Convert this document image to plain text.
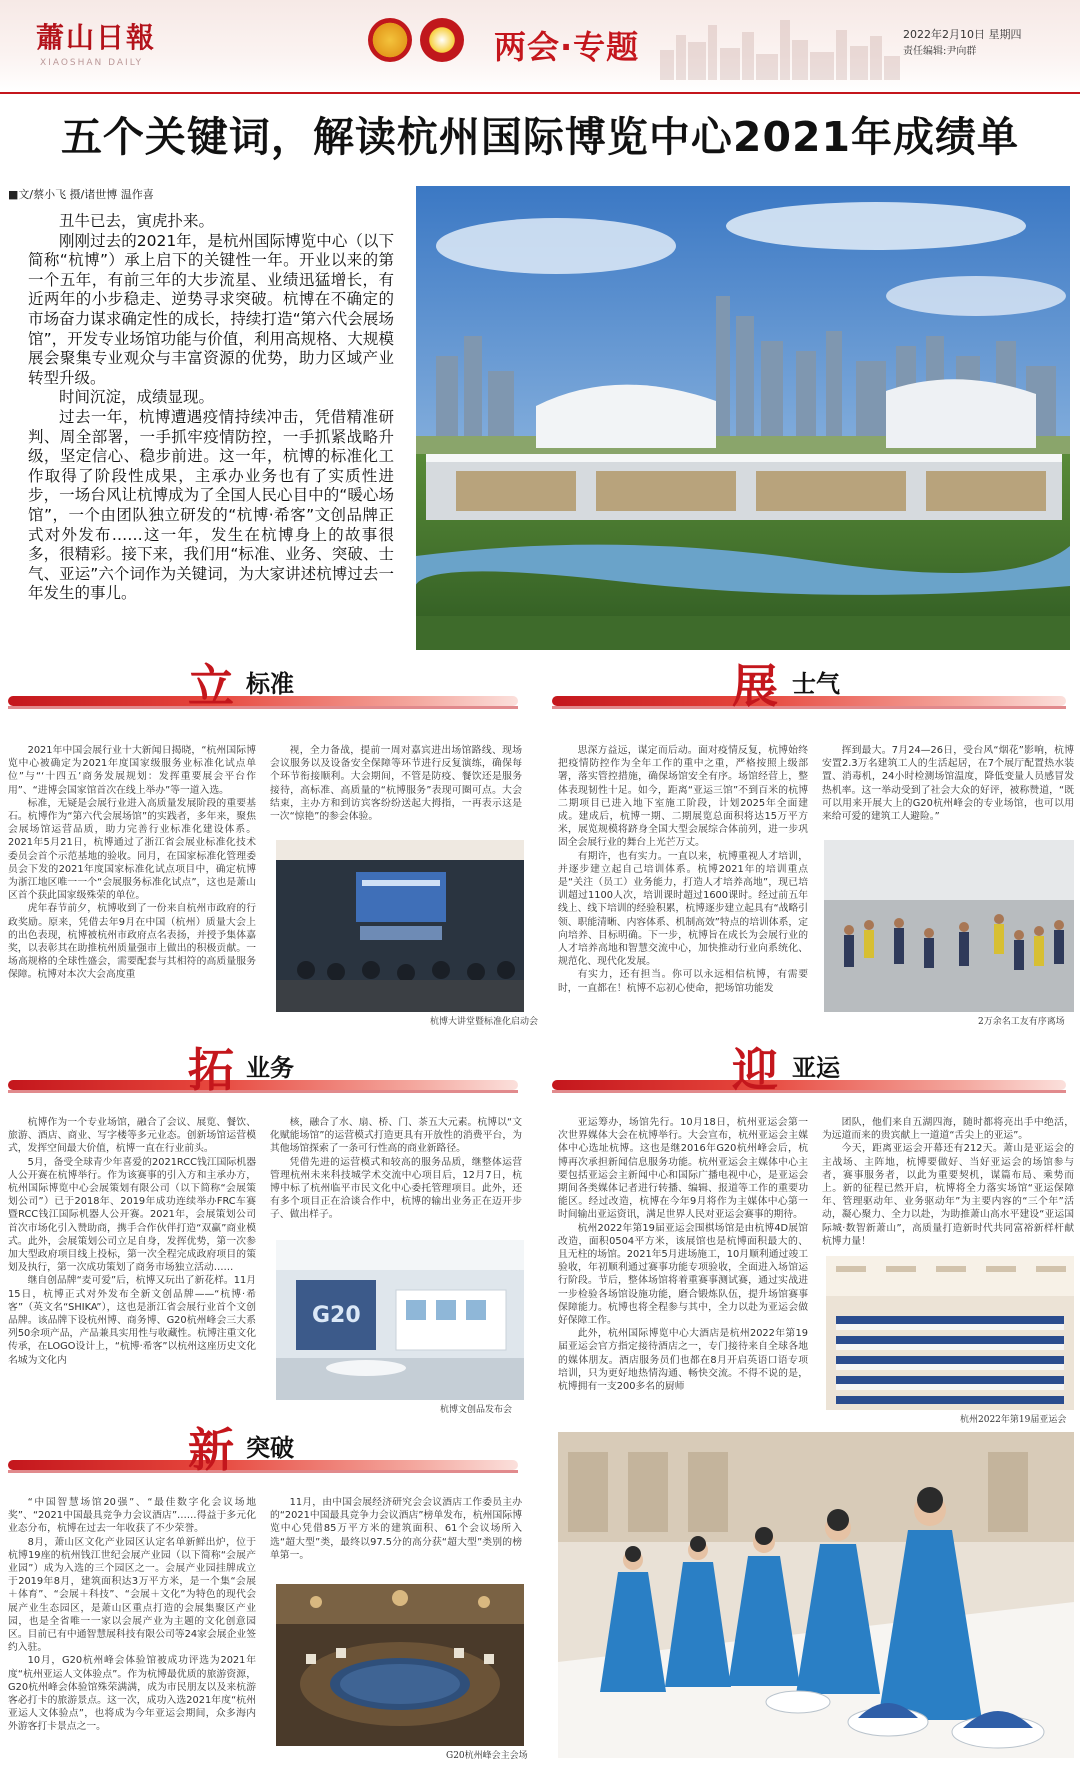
蕭山日報
XIAOSHAN DAILY	两会·专题	2022年2月10日 星期四
责任编辑:尹向群
五个关键词，解读杭州国际博览中心2021年成绩单
■文/蔡小飞 摄/诸世博 温作喜

丑牛已去，寅虎扑来。

刚刚过去的2021年，是杭州国际博览中心（以下简称“杭博”）承上启下的关键性一年。开业以来的第一个五年，有前三年的大步流星、业绩迅猛增长，有近两年的小步稳走、逆势寻求突破。杭博在不确定的市场奋力谋求确定性的成长，持续打造“第六代会展场馆”，开发专业场馆功能与价值，利用高规格、大规模展会聚集专业观众与丰富资源的优势，助力区域产业转型升级。

时间沉淀，成绩显现。

过去一年，杭博遭遇疫情持续冲击，凭借精准研判、周全部署，一手抓牢疫情防控，一手抓紧战略升级，坚定信心、稳步前进。这一年，杭博的标准化工作取得了阶段性成果，主承办业务也有了实质性进步，一场台风让杭博成为了全国人民心目中的“暖心场馆”，一个由团队独立研发的“杭博·希客”文创品牌正式对外发布……这一年，发生在杭博身上的故事很多，很精彩。接下来，我们用“标准、业务、突破、士气、亚运”六个词作为关键词，为大家讲述杭博过去一年发生的事儿。

立 标准

2021年中国会展行业十大新闻日揭晓，“杭州国际博览中心被确定为2021年度国家级服务业标准化试点单位”与“‘十四五’商务发展规划：发挥重要展会平台作用”、“进博会国家馆首次在线上举办”等一道入选。

标准，无疑是会展行业进入高质量发展阶段的重要基石。杭博作为“第六代会展场馆”的实践者，多年来，聚焦会展场馆运营品质，助力完善行业标准化建设体系。2021年5月21日，杭博通过了浙江省会展业标准化技术委员会首个示范基地的验收。同月，在国家标准化管理委员会下发的2021年度国家标准化试点项目中，确定杭博为浙江地区唯一一个“会展服务标准化试点”，这也是萧山区首个获此国家级殊荣的单位。

虎年春节前夕，杭博收到了一份来自杭州市政府的行政奖励。原来，凭借去年9月在中国（杭州）质量大会上的出色表现，杭博被杭州市政府点名表扬，并授予集体嘉奖，以表彰其在助推杭州质量强市上做出的积极贡献。一场高规格的全球性盛会，需要配套与其相符的高质量服务保障。杭博对本次大会高度重

视，全力备战，提前一周对嘉宾进出场馆路线、现场会议服务以及设备安全保障等环节进行反复演练，确保每个环节衔接顺利。大会期间，不管是防疫、餐饮还是服务接待，高标准、高质量的“杭博服务”表现可圈可点。大会结束，主办方和到访宾客纷纷送起大拇指，一再表示这是一次“惊艳”的参会体验。

杭博大讲堂暨标准化启动会
展 士气

思深方益远，谋定而后动。面对疫情反复，杭博始终把疫情防控作为全年工作的重中之重，严格按照上级部署，落实管控措施，确保场馆安全有序。场馆经营上，整体表现韧性十足。如今，距离“亚运三馆”不到百米的杭博二期项目已进入地下室施工阶段，计划2025年全面建成。建成后，杭博一期、二期展览总面积将达15万平方米，展览规模将跻身全国大型会展综合体前列，进一步巩固全会展行业的舞台上光芒万丈。

有期许，也有实力。一直以来，杭博重视人才培训，并逐步建立起自己培训体系。杭博2021年的培训重点是“关注（员工）业务能力，打造人才培养高地”，现已培训超过1100人次，培训课时超过1600课时。经过前五年线上、线下培训的经验积累，杭博逐步建立起具有“战略引领、职能清晰、内容体系、机制高效”特点的培训体系，定向培养、目标明确。下一步，杭博旨在成长为会展行业的人才培养高地和智慧交流中心，加快推动行业向系统化、规范化、现代化发展。

有实力，还有担当。你可以永远相信杭博，有需要时，一直都在！杭博不忘初心使命，把场馆功能发

挥到最大。7月24—26日，受台风“烟花”影响，杭博安置2.3万名建筑工人的生活起居，在7个展厅配置热水装置、消毒机，24小时检测场馆温度，降低变量人员感冒发热机率。这一举动受到了社会大众的好评，被称赞道，“既可以用来开展大上的G20杭州峰会的专业场馆，也可以用来给可爱的建筑工人避险。”

2万余名工友有序离场
拓 业务

杭博作为一个专业场馆，融合了会议、展览、餐饮、旅游、酒店、商业、写字楼等多元业态。创新场馆运营模式，发挥空间最大价值，杭博一直在行业前头。

5月，备受全球青少年喜爱的2021RCC钱江国际机器人公开赛在杭博举行。作为该赛事的引入方和主承办方，杭州国际博览中心会展策划有限公司（以下简称“会展策划公司”）已于2018年、2019年成功连续举办FRC车赛暨RCC钱江国际机器人公开赛。2021年，会展策划公司首次市场化引入赞助商，携手合作伙伴打造“双赢”商业模式。此外，会展策划公司立足自身，发挥优势，第一次参加大型政府项目线上投标，第一次全程完成政府项目的策划及执行，第一次成功策划了商务市场独立活动……

继自创品牌“麦可爱”后，杭博又玩出了新花样。11月15日，杭博正式对外发布全新文创品牌——“杭博·希客”（英文名“SHIKA”），这也是浙江省会展行业首个文创品牌。该品牌下设杭州博、商务博、G20杭州峰会三大系列50余项产品，产品兼具实用性与收藏性。杭博注重文化传承，在LOGO设计上，“杭博·希客”以杭州这座历史文化名城为文化内

核，融合了水、扇、桥、门、茶五大元素。杭博以“文化赋能场馆”的运营模式打造更具有开放性的消费平台，为其他场馆探索了一条可行性高的商业新路径。

凭借先进的运营模式和较高的服务品质，继整体运营管理杭州未来科技城学术交流中心项目后，12月7日，杭博中标了杭州临平市民文化中心委托管理项目。此外，还有多个项目正在洽谈合作中，杭博的输出业务正在迈开步子、做出样子。

G20
杭博文创品发布会
迎 亚运

亚运筹办，场馆先行。10月18日，杭州亚运会第一次世界媒体大会在杭博举行。大会宣布，杭州亚运会主媒体中心选址杭博。这也是继2016年G20杭州峰会后，杭博再次承担新闻信息服务功能。杭州亚运会主媒体中心主要包括亚运会主新闻中心和国际广播电视中心，是亚运会期间各类媒体记者进行转播、编辑、报道等工作的重要功能区。经过改造，杭博在今年9月将作为主媒体中心第一时间输出亚运资讯，满足世界人民对亚运会赛事的期待。

杭州2022年第19届亚运会围棋场馆是由杭博4D展馆改造，面积0504平方米，该展馆也是杭博面积最大的、且无柱的场馆。2021年5月进场施工，10月顺利通过竣工验收，年初顺利通过赛事功能专项验收，全面进入场馆运行阶段。节后，整体场馆将着重赛事测试赛，通过实战进一步检验各场馆设施功能，磨合锻炼队伍，提升场馆赛事保障能力。杭博也将全程参与其中，全力以赴为亚运会做好保障工作。

此外，杭州国际博览中心大酒店是杭州2022年第19届亚运会官方指定接待酒店之一，专门接待来自全球各地的媒体朋友。酒店服务员们也都在8月开启英语口语专项培训，只为更好地热情沟通、畅快交流。不得不说的是，杭博拥有一支200多名的厨师

团队，他们来自五湖四海，随时都将亮出手中绝活，为远道而来的贵宾献上一道道“舌尖上的亚运”。

今天，距离亚运会开幕还有212天。萧山是亚运会的主战场、主阵地，杭博要做好、当好亚运会的场馆参与者，赛事服务者，以此为重要契机，谋篇布局、乘势而上。新的征程已然开启，杭博将全力落实场馆“亚运保障年、管理驱动年、业务驱动年”为主要内容的“三个年”活动，凝心聚力、全力以赴，为助推萧山高水平建设“亚运国际城·数智新萧山”，高质量打造新时代共同富裕新样杆献杭博力量！

杭州2022年第19届亚运会
新 突破

“中国智慧场馆20强”、“最佳数字化会议场地奖”、“2021中国最具竞争力会议酒店”……得益于多元化业态分布，杭博在过去一年收获了不少荣誉。

8月，萧山区文化产业园区认定名单新鲜出炉，位于杭博19座的杭州钱江世纪会展产业园（以下简称“会展产业园”）成为入选的三个园区之一。会展产业园挂牌成立于2019年8月，建筑面积达3万平方米，是一个集“会展＋体育”、“会展＋科技”、“会展＋文化”为特色的现代会展产业生态园区，是萧山区重点打造的会展集聚区产业园，也是全省唯一一家以会展产业为主题的文化创意园区。目前已有中通智慧展科技有限公司等24家会展企业签约入驻。

10月，G20杭州峰会体验馆被成功评选为2021年度“杭州亚运人文体验点”。作为杭博最优质的旅游资源，G20杭州峰会体验馆殊荣满满，成为市民朋友以及来杭游客必打卡的旅游景点。这一次，成功入选2021年度“杭州亚运人文体验点”，也将成为今年亚运会期间，众多海内外游客打卡景点之一。

11月，由中国会展经济研究会会议酒店工作委员主办的“2021中国最具竞争力会议酒店”榜单发布，杭州国际博览中心凭借85万平方米的建筑面积、61个会议场所入选“超大型”类，最终以97.5分的高分获“超大型”类别的榜单第一。

G20杭州峰会主会场
